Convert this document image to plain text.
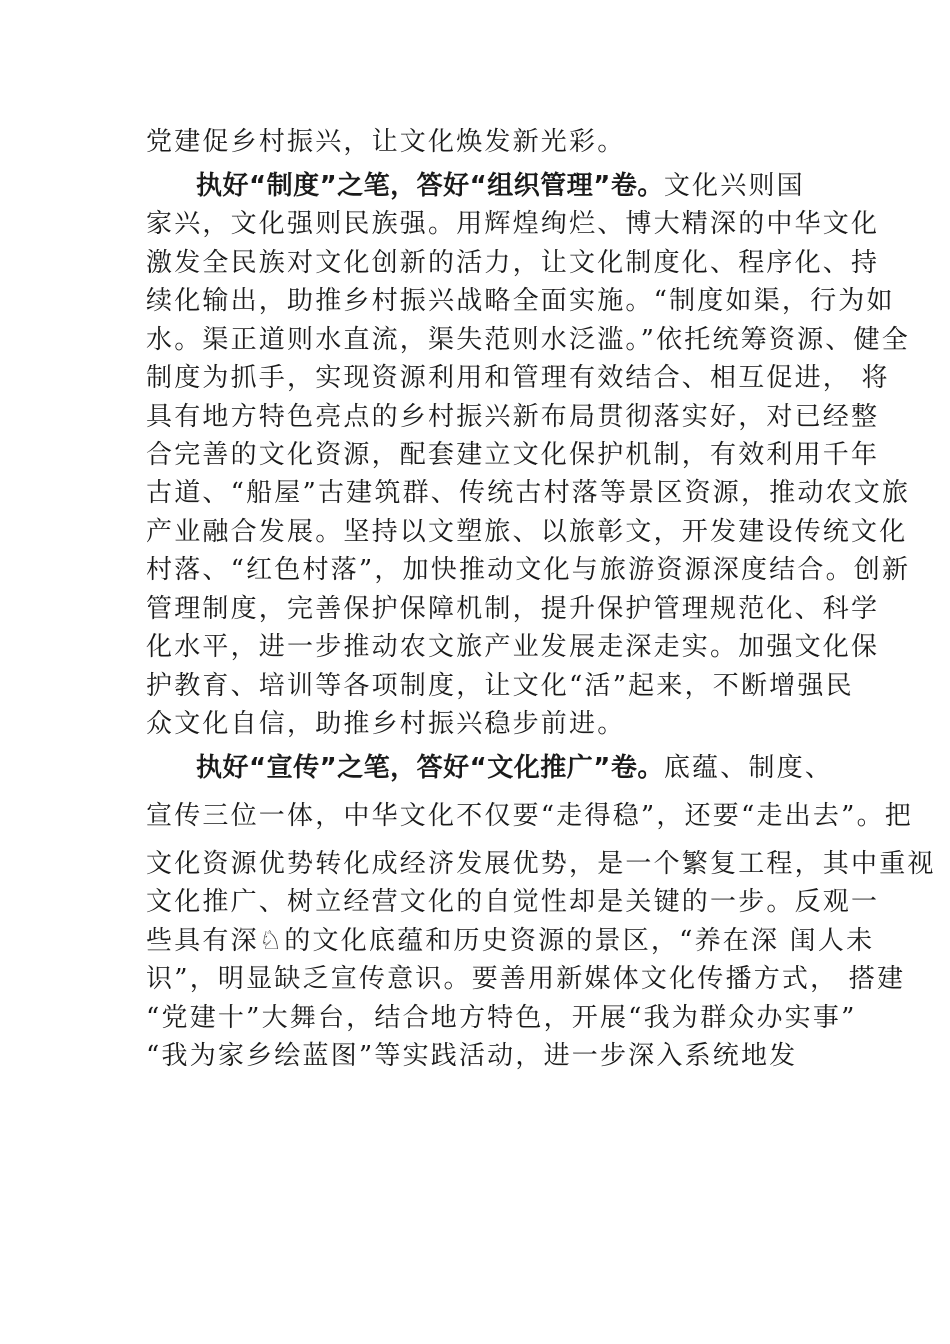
党建促乡村振兴，让文化焕发新光彩。
执好“制度”之笔，答好“组织管理”卷。文化兴则国
家兴，文化强则民族强。用辉煌绚烂、博大精深的中华文化
激发全民族对文化创新的活力，让文化制度化、程序化、持
续化输出，助推乡村振兴战略全面实施。“制度如渠，行为如
水。渠正道则水直流，渠失范则水泛滥。”依托统筹资源、健全
制度为抓手，实现资源利用和管理有效结合、相互促进， 将
具有地方特色亮点的乡村振兴新布局贯彻落实好，对已经整
合完善的文化资源，配套建立文化保护机制，有效利用千年
古道、“船屋”古建筑群、传统古村落等景区资源，推动农文旅
产业融合发展。坚持以文塑旅、以旅彰文，开发建设传统文化
村落、“红色村落”，加快推动文化与旅游资源深度结合。创新
管理制度，完善保护保障机制，提升保护管理规范化、科学
化水平，进一步推动农文旅产业发展走深走实。加强文化保
护教育、培训等各项制度，让文化“活”起来，不断增强民
众文化自信，助推乡村振兴稳步前进。
执好“宣传”之笔，答好“文化推广”卷。底蕴、制度、
宣传三位一体，中华文化不仅要“走得稳”，还要“走出去”。把
文化资源优势转化成经济发展优势，是一个繁复工程，其中重视
文化推广、树立经营文化的自觉性却是关键的一步。反观一
些具有深♘的文化底蕴和历史资源的景区，“养在深 闺人未
识”，明显缺乏宣传意识。要善用新媒体文化传播方式， 搭建
“党建十”大舞台，结合地方特色，开展“我为群众办实事”
“我为家乡绘蓝图”等实践活动，进一步深入系统地发
